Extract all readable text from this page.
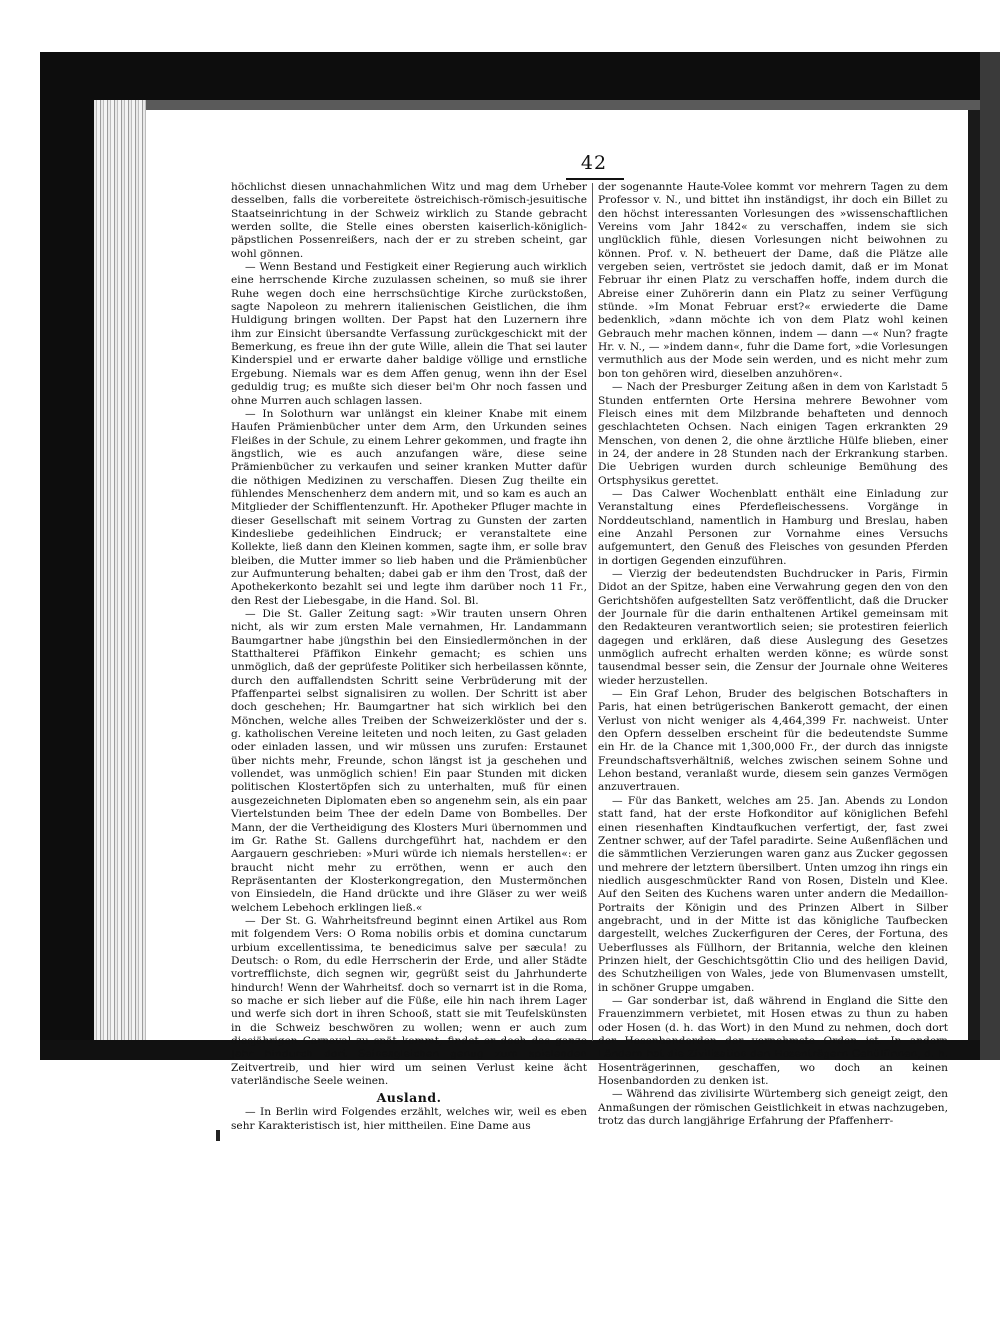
42

höchlichst diesen unnachahmlichen Witz und mag dem Urheber desselben, falls die vorbereitete östreichisch-römisch-jesuitische Staatseinrichtung in der Schweiz wirklich zu Stande gebracht werden sollte, die Stelle eines obersten kaiserlich-königlich-päpstlichen Possenreißers, nach der er zu streben scheint, gar wohl gönnen.

— Wenn Bestand und Festigkeit einer Regierung auch wirklich eine herrschende Kirche zuzulassen scheinen, so muß sie ihrer Ruhe wegen doch eine herrschsüchtige Kirche zurückstoßen, sagte Napoleon zu mehrern italienischen Geistlichen, die ihm Huldigung bringen wollten. Der Papst hat den Luzernern ihre ihm zur Einsicht übersandte Verfassung zurückgeschickt mit der Bemerkung, es freue ihn der gute Wille, allein die That sei lauter Kinderspiel und er erwarte daher baldige völlige und ernstliche Ergebung. Niemals war es dem Affen genug, wenn ihn der Esel geduldig trug; es mußte sich dieser bei'm Ohr noch fassen und ohne Murren auch schlagen lassen.

— In Solothurn war unlängst ein kleiner Knabe mit einem Haufen Prämienbücher unter dem Arm, den Urkunden seines Fleißes in der Schule, zu einem Lehrer gekommen, und fragte ihn ängstlich, wie es auch anzufangen wäre, diese seine Prämienbücher zu verkaufen und seiner kranken Mutter dafür die nöthigen Medizinen zu verschaffen. Diesen Zug theilte ein fühlendes Menschenherz dem andern mit, und so kam es auch an Mitglieder der Schifflentenzunft. Hr. Apotheker Pfluger machte in dieser Gesellschaft mit seinem Vortrag zu Gunsten der zarten Kindesliebe gedeihlichen Eindruck; er veranstaltete eine Kollekte, ließ dann den Kleinen kommen, sagte ihm, er solle brav bleiben, die Mutter immer so lieb haben und die Prämienbücher zur Aufmunterung behalten; dabei gab er ihm den Trost, daß der Apothekerkonto bezahlt sei und legte ihm darüber noch 11 Fr., den Rest der Liebesgabe, in die Hand. Sol. Bl.

— Die St. Galler Zeitung sagt: »Wir trauten unsern Ohren nicht, als wir zum ersten Male vernahmen, Hr. Landammann Baumgartner habe jüngsthin bei den Einsiedlermönchen in der Statthalterei Pfäffikon Einkehr gemacht; es schien uns unmöglich, daß der geprüfeste Politiker sich herbeilassen könnte, durch den auffallendsten Schritt seine Verbrüderung mit der Pfaffenpartei selbst signalisiren zu wollen. Der Schritt ist aber doch geschehen; Hr. Baumgartner hat sich wirklich bei den Mönchen, welche alles Treiben der Schweizerklöster und der s. g. katholischen Vereine leiteten und noch leiten, zu Gast geladen oder einladen lassen, und wir müssen uns zurufen: Erstaunet über nichts mehr, Freunde, schon längst ist ja geschehen und vollendet, was unmöglich schien! Ein paar Stunden mit dicken politischen Klostertöpfen sich zu unterhalten, muß für einen ausgezeichneten Diplomaten eben so angenehm sein, als ein paar Viertelstunden beim Thee der edeln Dame von Bombelles. Der Mann, der die Vertheidigung des Klosters Muri übernommen und im Gr. Rathe St. Gallens durchgeführt hat, nachdem er den Aargauern geschrieben: »Muri würde ich niemals herstellen«: er braucht nicht mehr zu erröthen, wenn er auch den Repräsentanten der Klosterkongregation, den Mustermönchen von Einsiedeln, die Hand drückte und ihre Gläser zu wer weiß welchem Lebehoch erklingen ließ.«

— Der St. G. Wahrheitsfreund beginnt einen Artikel aus Rom mit folgendem Vers: O Roma nobilis orbis et domina cunctarum urbium excellentissima, te benedicimus salve per sæcula! zu Deutsch: o Rom, du edle Herrscherin der Erde, und aller Städte vortrefflichste, dich segnen wir, gegrüßt seist du Jahrhunderte hindurch! Wenn der Wahrheitsf. doch so vernarrt ist in die Roma, so mache er sich lieber auf die Füße, eile hin nach ihrem Lager und werfe sich dort in ihren Schooß, statt sie mit Teufelskünsten in die Schweiz beschwören zu wollen; wenn er auch zum diesjährigen Carnaval zu spät kommt, findet er doch das ganze Jahr hindurch dort Seinesgleichen genug zum spielenden Zeitvertreib, und hier wird um seinen Verlust keine ächt vaterländische Seele weinen.

Ausland.

— In Berlin wird Folgendes erzählt, welches wir, weil es eben sehr Karakteristisch ist, hier mittheilen. Eine Dame aus

der sogenannte Haute-Volee kommt vor mehrern Tagen zu dem Professor v. N., und bittet ihn inständigst, ihr doch ein Billet zu den höchst interessanten Vorlesungen des »wissenschaftlichen Vereins vom Jahr 1842« zu verschaffen, indem sie sich unglücklich fühle, diesen Vorlesungen nicht beiwohnen zu können. Prof. v. N. betheuert der Dame, daß die Plätze alle vergeben seien, vertröstet sie jedoch damit, daß er im Monat Februar ihr einen Platz zu verschaffen hoffe, indem durch die Abreise einer Zuhörerin dann ein Platz zu seiner Verfügung stünde. »Im Monat Februar erst?« erwiederte die Dame bedenklich, »dann möchte ich von dem Platz wohl keinen Gebrauch mehr machen können, indem — dann —« Nun? fragte Hr. v. N., — »indem dann«, fuhr die Dame fort, »die Vorlesungen vermuthlich aus der Mode sein werden, und es nicht mehr zum bon ton gehören wird, dieselben anzuhören«.

— Nach der Presburger Zeitung aßen in dem von Karlstadt 5 Stunden entfernten Orte Hersina mehrere Bewohner vom Fleisch eines mit dem Milzbrande behafteten und dennoch geschlachteten Ochsen. Nach einigen Tagen erkrankten 29 Menschen, von denen 2, die ohne ärztliche Hülfe blieben, einer in 24, der andere in 28 Stunden nach der Erkrankung starben. Die Uebrigen wurden durch schleunige Bemühung des Ortsphysikus gerettet.

— Das Calwer Wochenblatt enthält eine Einladung zur Veranstaltung eines Pferdefleischessens. Vorgänge in Norddeutschland, namentlich in Hamburg und Breslau, haben eine Anzahl Personen zur Vornahme eines Versuchs aufgemuntert, den Genuß des Fleisches von gesunden Pferden in dortigen Gegenden einzuführen.

— Vierzig der bedeutendsten Buchdrucker in Paris, Firmin Didot an der Spitze, haben eine Verwahrung gegen den von den Gerichtshöfen aufgestellten Satz veröffentlicht, daß die Drucker der Journale für die darin enthaltenen Artikel gemeinsam mit den Redakteuren verantwortlich seien; sie protestiren feierlich dagegen und erklären, daß diese Auslegung des Gesetzes unmöglich aufrecht erhalten werden könne; es würde sonst tausendmal besser sein, die Zensur der Journale ohne Weiteres wieder herzustellen.

— Ein Graf Lehon, Bruder des belgischen Botschafters in Paris, hat einen betrügerischen Bankerott gemacht, der einen Verlust von nicht weniger als 4,464,399 Fr. nachweist. Unter den Opfern desselben erscheint für die bedeutendste Summe ein Hr. de la Chance mit 1,300,000 Fr., der durch das innigste Freundschaftsverhältniß, welches zwischen seinem Sohne und Lehon bestand, veranlaßt wurde, diesem sein ganzes Vermögen anzuvertrauen.

— Für das Bankett, welches am 25. Jan. Abends zu London statt fand, hat der erste Hofkonditor auf königlichen Befehl einen riesenhaften Kindtaufkuchen verfertigt, der, fast zwei Zentner schwer, auf der Tafel paradirte. Seine Außenflächen und die sämmtlichen Verzierungen waren ganz aus Zucker gegossen und mehrere der letztern übersilbert. Unten umzog ihn rings ein niedlich ausgeschmückter Rand von Rosen, Disteln und Klee. Auf den Seiten des Kuchens waren unter andern die Medaillon-Portraits der Königin und des Prinzen Albert in Silber angebracht, und in der Mitte ist das königliche Taufbecken dargestellt, welches Zuckerfiguren der Ceres, der Fortuna, des Ueberflusses als Füllhorn, der Britannia, welche den kleinen Prinzen hielt, der Geschichtsgöttin Clio und des heiligen David, des Schutzheiligen von Wales, jede von Blumenvasen umstellt, in schöner Gruppe umgaben.

— Gar sonderbar ist, daß während in England die Sitte den Frauenzimmern verbietet, mit Hosen etwas zu thun zu haben oder Hosen (d. h. das Wort) in den Mund zu nehmen, doch dort der Hosenbandorden der vornehmste Orden ist. In andern Ländern hat die Zivilisation den Hosenträgern Gehülfinnen, d. h. Hosenträgerinnen, geschaffen, wo doch an keinen Hosenbandorden zu denken ist.

— Während das zivilisirte Würtemberg sich geneigt zeigt, den Anmaßungen der römischen Geistlichkeit in etwas nachzugeben, trotz das durch langjährige Erfahrung der Pfaffenherr-
